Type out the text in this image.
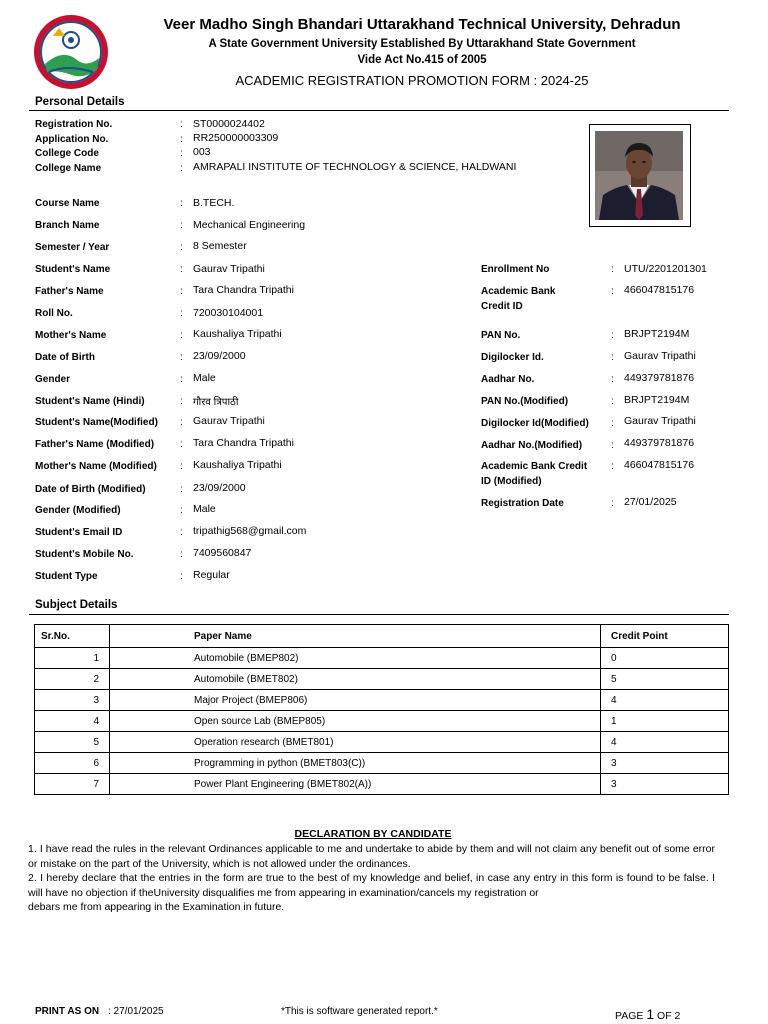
Veer Madho Singh Bhandari Uttarakhand Technical University, Dehradun
A State Government University Established By Uttarakhand State Government
Vide Act No.415 of 2005
ACADEMIC REGISTRATION PROMOTION FORM : 2024-25
Personal Details
Registration No.	: ST0000024402
Application No.	: RR250000003309
College Code	: 003
College Name	: AMRAPALI INSTITUTE OF TECHNOLOGY & SCIENCE, HALDWANI
Course Name	: B.TECH.
Branch Name	: Mechanical Engineering
Semester / Year	: 8 Semester
Student's Name	: Gaurav Tripathi
Father's Name	: Tara Chandra Tripathi
Roll No.	: 720030104001
Mother's Name	: Kaushaliya Tripathi
Date of Birth	: 23/09/2000
Gender	: Male
Student's Name (Hindi)	: गौरव त्रिपाठी
Student's Name(Modified) : Gaurav Tripathi
Father's Name (Modified)	: Tara Chandra Tripathi
Mother's Name (Modified) : Kaushaliya Tripathi
Date of Birth (Modified)	: 23/09/2000
Gender (Modified)	: Male
Student's Email ID	: tripathig568@gmail.com
Student's Mobile No.	: 7409560847
Student Type	: Regular
Enrollment No	: UTU/2201201301
Academic Bank Credit ID
: 466047815176
PAN No.	: BRJPT2194M
Digilocker Id.	: Gaurav Tripathi
Aadhar No.	: 449379781876
PAN No.(Modified)	: BRJPT2194M
Digilocker Id(Modified) : Gaurav Tripathi
Aadhar No.(Modified)	: 449379781876
Academic Bank Credit ID (Modified)
: 466047815176
Registration Date	: 27/01/2025
Subject Details
Sr.No.	Paper Name	Credit Point
1	Automobile (BMEP802)	0
2	Automobile (BMET802)	5
3	Major Project (BMEP806)	4
4	Open source Lab (BMEP805)	1
5	Operation research (BMET801)	4
6	Programming in python (BMET803(C))	3
7	Power Plant Engineering (BMET802(A))	3
DECLARATION BY CANDIDATE
1. I have read the rules in the relevant Ordinances applicable to me and undertake to abide by them and will not claim any benefit out of some error or mistake on the part of the University, which is not allowed under the ordinances.
2. I hereby declare that the entries in the form are true to the best of my knowledge and belief, in case any entry in this form is found to be false. I will have no objection if theUniversity disqualifies me from appearing in examination/cancels my registration or
debars me from appearing in the Examination in future.
PRINT AS ON : 27/01/2025	*This is software generated report.*	PAGE 1 OF 2
